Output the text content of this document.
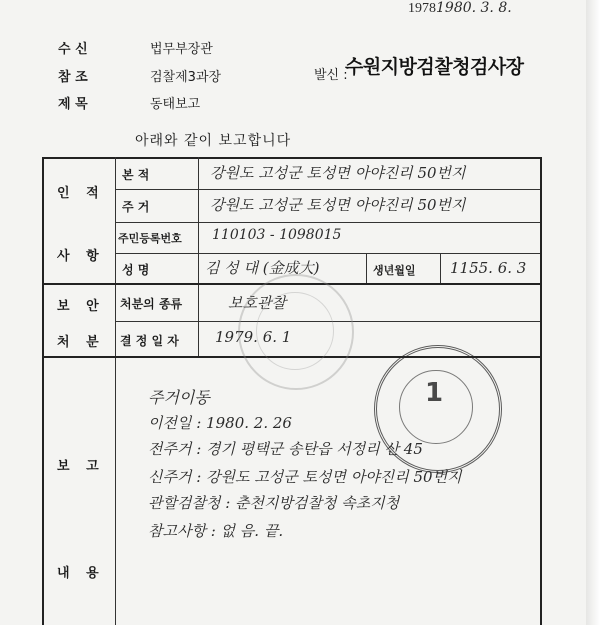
19781980. 3. 8.
수 신	법무부장관
참 조	검찰제3과장	발신 :
수원지방검찰청검사장
제 목	동태보고
아래와 같이 보고합니다
인 적
사 항
본 적	강원도 고성군 토성면 아야진리 50번지
주 거	강원도 고성군 토성면 아야진리 50번지
주민등록번호 110103 - 1098015
성 명	김 성 대 (金成大)	생년월일 1155. 6. 3
보 안
처 분
처분의 종류	보호관찰
결 정 일 자 1979. 6. 1
1
보 고
내 용
주거이동
이전일 : 1980. 2. 26
전주거 : 경기 평택군 송탄읍 서정리 산 45
신주거 : 강원도 고성군 토성면 아야진리 50번지
관할검찰청 : 춘천지방검찰청 속초지청
참고사항 : 없 음. 끝.
